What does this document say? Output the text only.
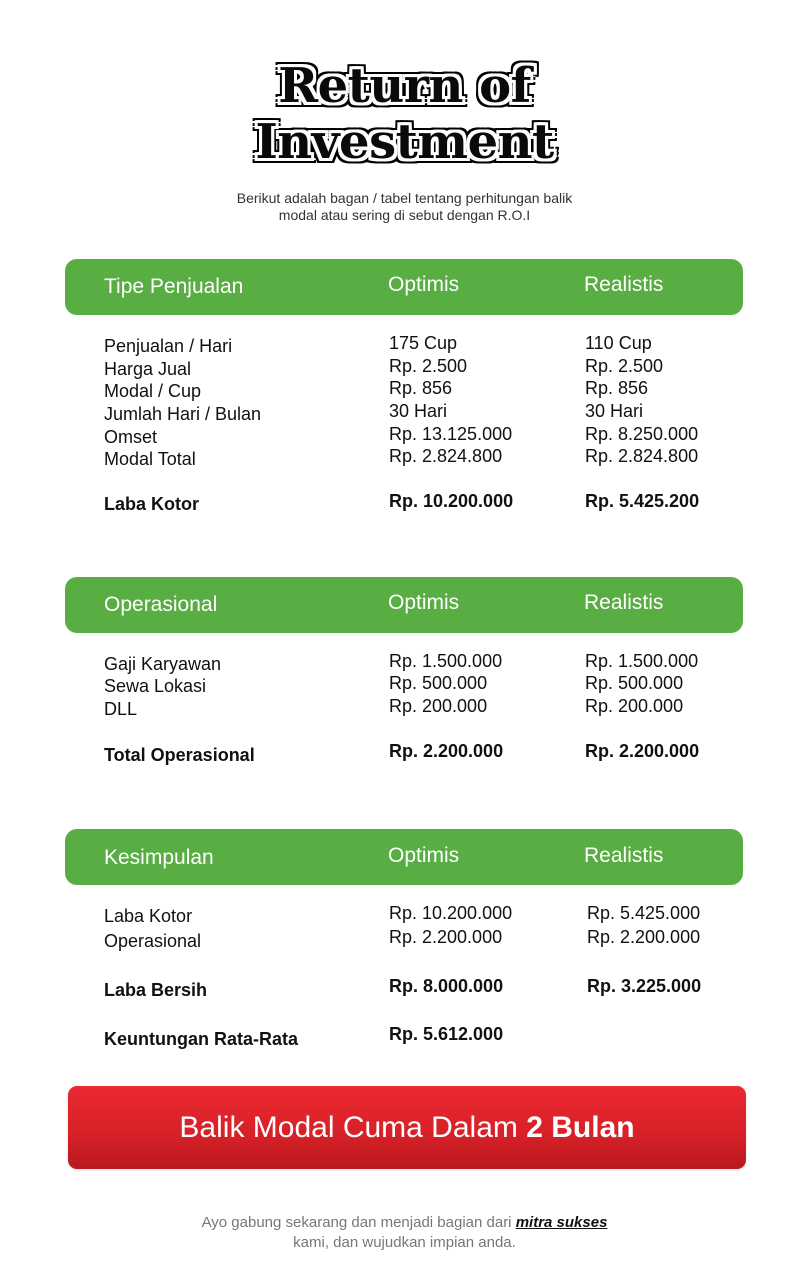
Return of
Investment
Berikut adalah bagan / tabel tentang perhitungan balik
modal atau sering di sebut dengan R.O.I
Tipe Penjualan	Optimis	Realistis
Penjualan / Hari	175 Cup	110 Cup
Harga Jual	Rp. 2.500	Rp. 2.500
Modal / Cup	Rp. 856	Rp. 856
Jumlah Hari / Bulan	30 Hari	30 Hari
Omset	Rp. 13.125.000	Rp. 8.250.000
Modal Total	Rp. 2.824.800	Rp. 2.824.800
Laba Kotor	Rp. 10.200.000	Rp. 5.425.200
Operasional	Optimis	Realistis
Gaji Karyawan	Rp. 1.500.000	Rp. 1.500.000
Sewa Lokasi	Rp. 500.000	Rp. 500.000
DLL	Rp. 200.000	Rp. 200.000
Total Operasional	Rp. 2.200.000	Rp. 2.200.000
Kesimpulan	Optimis	Realistis
Laba Kotor	Rp. 10.200.000	Rp. 5.425.000
Operasional	Rp. 2.200.000	Rp. 2.200.000
Laba Bersih	Rp. 8.000.000	Rp. 3.225.000
Keuntungan Rata-Rata	Rp. 5.612.000
Balik Modal Cuma Dalam 2 Bulan
Ayo gabung sekarang dan menjadi bagian dari mitra sukses
kami, dan wujudkan impian anda.
